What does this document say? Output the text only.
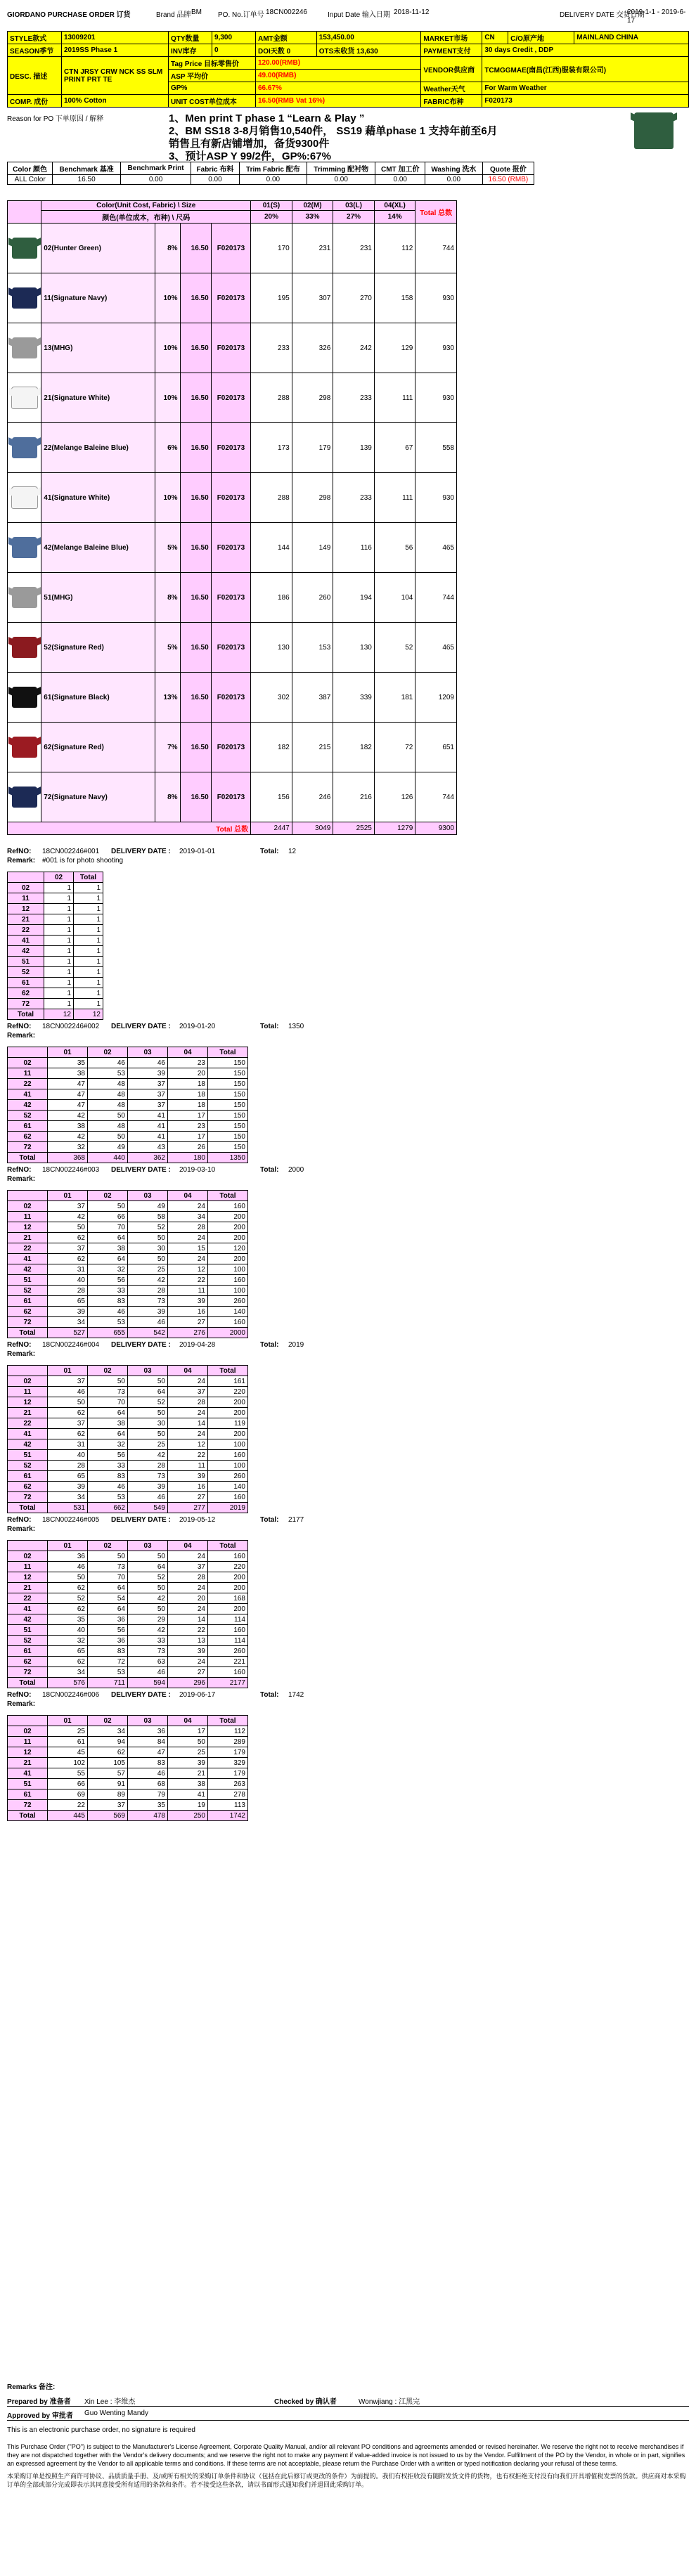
GIORDANO PURCHASE ORDER 订货	Brand 品牌 BM PO. No.订单号 18CN002246	Input Date 输入日期 2018-11-12	DELIVERY DATE 交货日期
2019-1-1 - 2019-6-17
STYLE款式	13009201	QTY数量	9,300	AMT金额	153,450.00	MARKET市场	CN	C/O原产地	MAINLAND CHINA
SEASON季节	2019SS Phase 1	INV库存	0	DOI天数 0	OTS未收货 13,630	PAYMENT支付	30 days Credit , DDP		
DESC. 描述	CTN JRSY CRW NCK SS SLM PRINT PRT TE	Tag Price 目标零售价		120.00(RMB)		VENDOR供应商	TCMGGMAE(南昌(江西)服装有限公司)		
		ASP 平均价		49.00(RMB)					
		GP%		66.67%		Weather天气	For Warm Weather		
COMP. 成份	100% Cotton	UNIT COST单位成本		16.50(RMB Vat 16%)		FABRIC布种	F020173		
Reason for PO 下单原因 / 解释	1、Men print T phase 1 “Learn & Play ”
2、BM SS18 3-8月销售10,540件， SS19 藉单phase 1 支持年前至6月销售且有新店铺增加，备货9300件
3、预计ASP Y 99/2件，GP%:67%
Color 颜色	Benchmark 基准	Benchmark Print	Fabric 布料	Trim Fabric 配布	Trimming 配衬物	CMT 加工价	Washing 洗水	Quote 报价
ALL Color	16.50	0.00	0.00	0.00	0.00	0.00	0.00	16.50 (RMB)
	Color(Unit Cost, Fabric) \ Size				01(S)	02(M)	03(L)	04(XL)	Total 总数
	颜色(单位成本，布种) \ 尺码				20%	33%	27%	14%	

	02(Hunter Green)	8%	16.50	F020173	170	231	231	112	744

	11(Signature Navy)	10%	16.50	F020173	195	307	270	158	930

	13(MHG)	10%	16.50	F020173	233	326	242	129	930

	21(Signature White)	10%	16.50	F020173	288	298	233	111	930

	22(Melange Baleine Blue)	6%	16.50	F020173	173	179	139	67	558

	41(Signature White)	10%	16.50	F020173	288	298	233	111	930

	42(Melange Baleine Blue)	5%	16.50	F020173	144	149	116	56	465

	51(MHG)	8%	16.50	F020173	186	260	194	104	744

	52(Signature Red)	5%	16.50	F020173	130	153	130	52	465

	61(Signature Black)	13%	16.50	F020173	302	387	339	181	1209

	62(Signature Red)	7%	16.50	F020173	182	215	182	72	651

	72(Signature Navy)	8%	16.50	F020173	156	246	216	126	744
Total 总数					2447	3049	2525	1279	9300
RefNO: 18CN002246#001 DELIVERY DATE : 2019-01-01	Total: 12
Remark: #001 is for photo shooting
	02	Total
02	1	1
11	1	1
12	1	1
21	1	1
22	1	1
41	1	1
42	1	1
51	1	1
52	1	1
61	1	1
62	1	1
72	1	1
Total	12	12
RefNO: 18CN002246#002 DELIVERY DATE : 2019-01-20	Total: 1350
Remark:
	01	02	03	04	Total
02	35	46	46	23	150
11	38	53	39	20	150
22	47	48	37	18	150
41	47	48	37	18	150
42	47	48	37	18	150
52	42	50	41	17	150
61	38	48	41	23	150
62	42	50	41	17	150
72	32	49	43	26	150
Total	368	440	362	180	1350
RefNO: 18CN002246#003 DELIVERY DATE : 2019-03-10	Total: 2000
Remark:
	01	02	03	04	Total
02	37	50	49	24	160
11	42	66	58	34	200
12	50	70	52	28	200
21	62	64	50	24	200
22	37	38	30	15	120
41	62	64	50	24	200
42	31	32	25	12	100
51	40	56	42	22	160
52	28	33	28	11	100
61	65	83	73	39	260
62	39	46	39	16	140
72	34	53	46	27	160
Total	527	655	542	276	2000
RefNO: 18CN002246#004 DELIVERY DATE : 2019-04-28	Total: 2019
Remark:
	01	02	03	04	Total
02	37	50	50	24	161
11	46	73	64	37	220
12	50	70	52	28	200
21	62	64	50	24	200
22	37	38	30	14	119
41	62	64	50	24	200
42	31	32	25	12	100
51	40	56	42	22	160
52	28	33	28	11	100
61	65	83	73	39	260
62	39	46	39	16	140
72	34	53	46	27	160
Total	531	662	549	277	2019
RefNO: 18CN002246#005 DELIVERY DATE : 2019-05-12	Total: 2177
Remark:
	01	02	03	04	Total
02	36	50	50	24	160
11	46	73	64	37	220
12	50	70	52	28	200
21	62	64	50	24	200
22	52	54	42	20	168
41	62	64	50	24	200
42	35	36	29	14	114
51	40	56	42	22	160
52	32	36	33	13	114
61	65	83	73	39	260
62	62	72	63	24	221
72	34	53	46	27	160
Total	576	711	594	296	2177
RefNO: 18CN002246#006 DELIVERY DATE : 2019-06-17	Total: 1742
Remark:
	01	02	03	04	Total
02	25	34	36	17	112
11	61	94	84	50	289
12	45	62	47	25	179
21	102	105	83	39	329
41	55	57	46	21	179
51	66	91	68	38	263
61	69	89	79	41	278
72	22	37	35	19	113
Total	445	569	478	250	1742
Remarks 备注:
Prepared by 准备者 Xin Lee : 李维杰	Checked by 确认者	Wonwjiang : 江黑完
Approved by 审批者 Guo Wenting Mandy
This is an electronic purchase order, no signature is required
This Purchase Order ("PO") is subject to the Manufacturer's License Agreement, Corporate Quality Manual, and/or all relevant PO conditions and agreements amended or revised hereinafter. We reserve the right not to receive merchandises if they are not dispatched together with the Vendor's delivery documents; and we reserve the right not to make any payment if value-added invoice is not issued to us by the Vendor. Fulfillment of the PO by the Vendor, in whole or in part, signifies an expressed agreement by the Vendor to all applicable terms and conditions. If these terms are not acceptable, please return the Purchase Order with a written or typed notification declaring your refusal of these terms.
本采购订单是按照生产商许可协议、品质质量手册、及/或所有相关的采购订单条件和协议（包括在此后修订或更改的条件）为前提的。我们有权拒收没有随附发货文件的货物，也有权拒绝支付没有向我们开具增值税发票的货款。供应商对本采购订单的全部或部分完成即表示其同意接受所有适用的条款和条件。若不接受这些条款，请以书面形式通知我们并退回此采购订单。
